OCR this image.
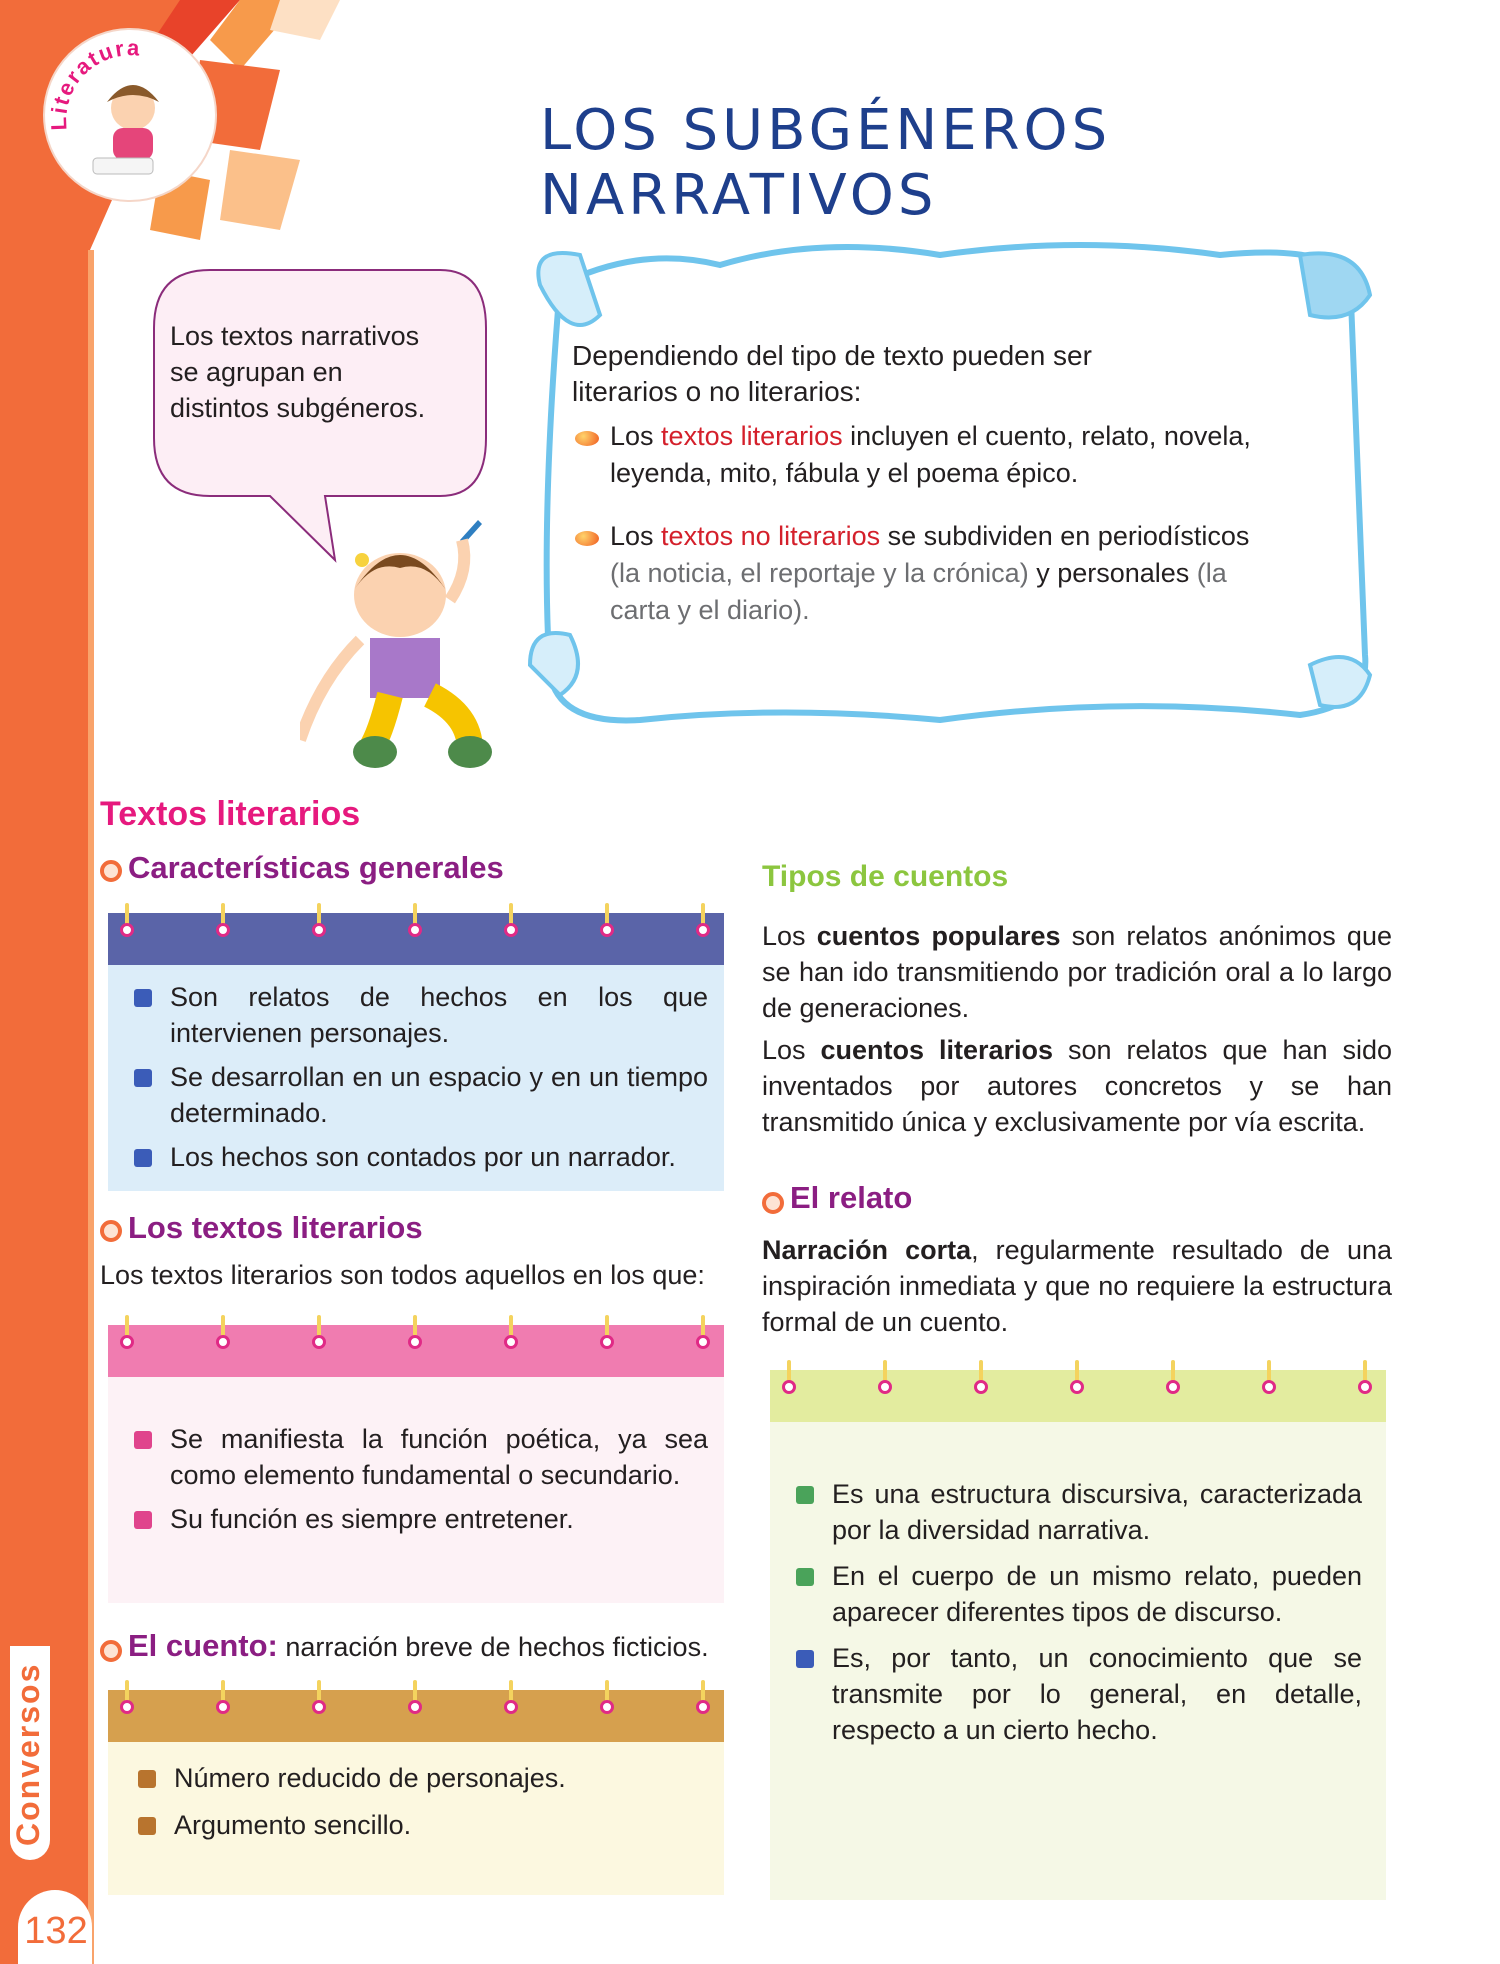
Literatura
LOS SUBGÉNEROS NARRATIVOS
Los textos narrativos
se agrupan en
distintos subgéneros.
Dependiendo del tipo de texto pueden ser
literarios o no literarios:
Los textos literarios incluyen el cuento, relato, novela,
leyenda, mito, fábula y el poema épico.
Los textos no literarios se subdividen en periodísticos
(la noticia, el reportaje y la crónica) y personales (la
carta y el diario).
Textos literarios
Características generales
Son relatos de hechos en los que intervienen personajes.
Se desarrollan en un espacio y en un tiempo determinado.
Los hechos son contados por un narrador.
Los textos literarios
Los textos literarios son todos aquellos en los que:
Se manifiesta la función poética, ya sea como elemento fundamental o secundario.
Su función es siempre entretener.
El cuento: narración breve de hechos ficticios.
Número reducido de personajes.
Argumento sencillo.
Tipos de cuentos
Los cuentos populares son relatos anónimos que se han ido transmitiendo por tradición oral a lo largo de generaciones.
Los cuentos literarios son relatos que han sido inventados por autores concretos y se han transmitido única y exclusivamente por vía escrita.
El relato
Narración corta, regularmente resultado de una inspiración inmediata y que no requiere la estructura formal de un cuento.
Es una estructura discursiva, caracterizada por la diversidad narrativa.
En el cuerpo de un mismo relato, pueden aparecer diferentes tipos de discurso.
Es, por tanto, un conocimiento que se transmite por lo general, en detalle, respecto a un cierto hecho.
Conversos
132
